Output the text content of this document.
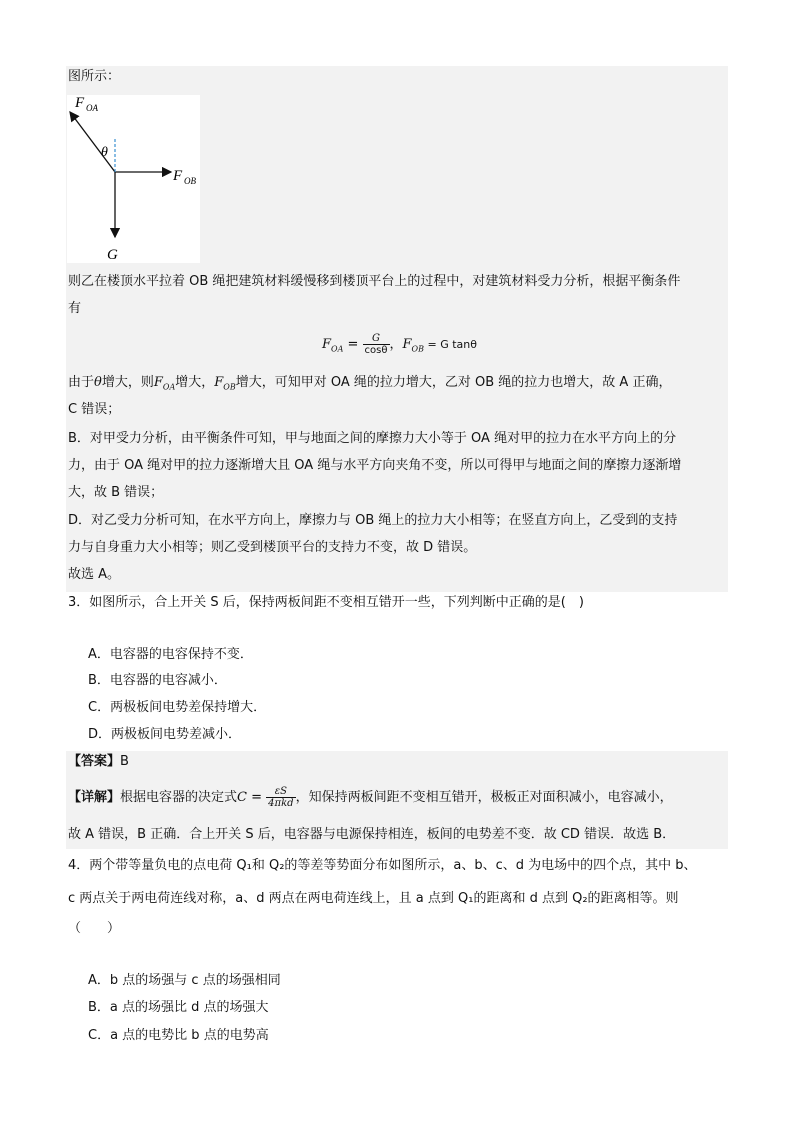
图所示：
F OA
θ
F OB
G
则乙在楼顶水平拉着 OB 绳把建筑材料缓慢移到楼顶平台上的过程中，对建筑材料受力分析，根据平衡条件
有
$F_{OA} = \frac{G}{\cos\theta}$ ，$F_{OB} = G$ tanθ
由于θ增大，则$F_{OA}$增大，$F_{OB}$增大，可知甲对 OA 绳的拉力增大，乙对 OB 绳的拉力也增大，故 A 正确，
C 错误；
B．对甲受力分析，由平衡条件可知，甲与地面之间的摩擦力大小等于 OA 绳对甲的拉力在水平方向上的分
力，由于 OA 绳对甲的拉力逐渐增大且 OA 绳与水平方向夹角不变，所以可得甲与地面之间的摩擦力逐渐增
大，故 B 错误；
D．对乙受力分析可知，在水平方向上，摩擦力与 OB 绳上的拉力大小相等；在竖直方向上，乙受到的支持
力与自身重力大小相等；则乙受到楼顶平台的支持力不变，故 D 错误。
故选 A。
3．如图所示，合上开关 S 后，保持两板间距不变相互错开一些，下列判断中正确的是(　)
A．电容器的电容保持不变．
B．电容器的电容减小．
C．两极板间电势差保持增大．
D．两极板间电势差减小．
【答案】B
【详解】根据电容器的决定式$C = \frac{\varepsilon S}{\text{4πkd}}$ ，知保持两板间距不变相互错开，极板正对面积减小，电容减小，
故 A 错误，B 正确．合上开关 S 后，电容器与电源保持相连，板间的电势差不变．故 CD 错误．故选 B．
4．两个带等量负电的点电荷 Q₁和 Q₂的等差等势面分布如图所示，a、b、c、d 为电场中的四个点，其中 b、
c 两点关于两电荷连线对称，a、d 两点在两电荷连线上，且 a 点到 Q₁的距离和 d 点到 Q₂的距离相等。则
（　　）
A．b 点的场强与 c 点的场强相同
B．a 点的场强比 d 点的场强大
C．a 点的电势比 b 点的电势高
